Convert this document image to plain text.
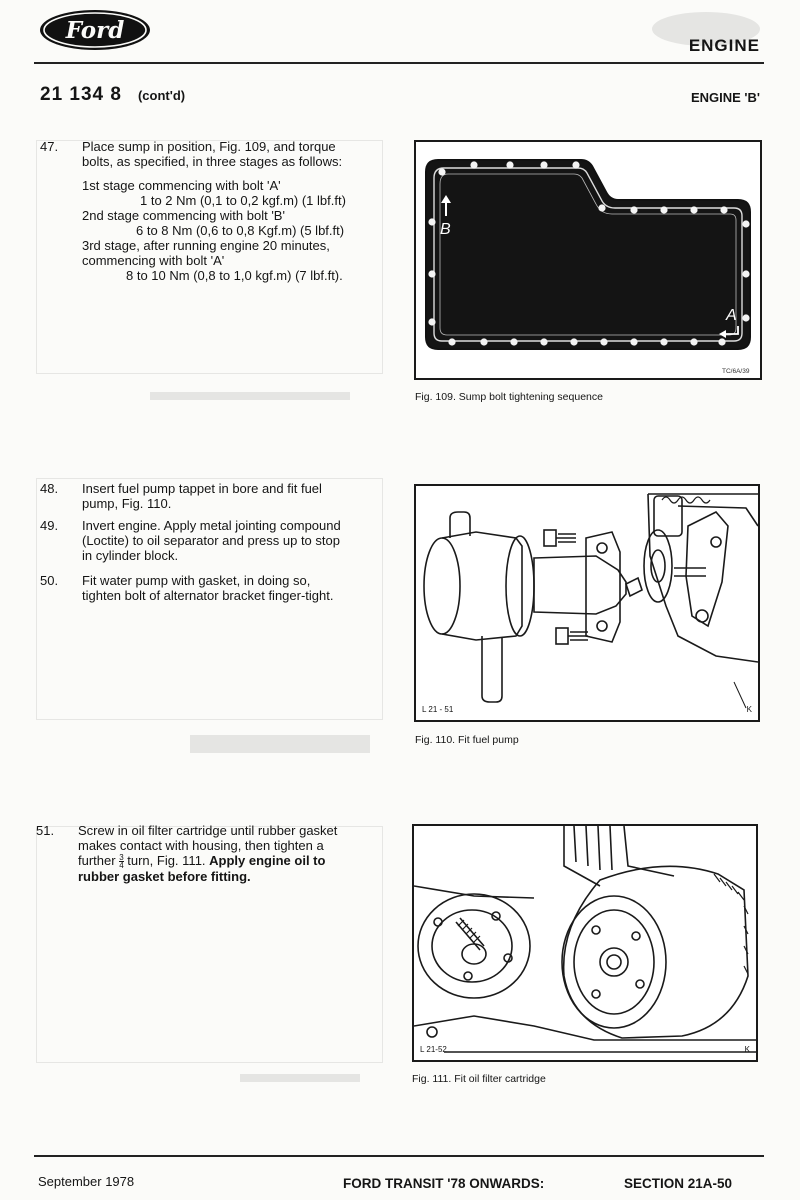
Ford
ENGINE
21 134 8 (cont'd)	ENGINE 'B'
47. Place sump in position, Fig. 109, and torque
bolts, as specified, in three stages as follows:
1st stage commencing with bolt 'A'
1 to 2 Nm (0,1 to 0,2 kgf.m) (1 lbf.ft)
2nd stage commencing with bolt 'B'
6 to 8 Nm (0,6 to 0,8 Kgf.m) (5 lbf.ft)
3rd stage, after running engine 20 minutes,
commencing with bolt 'A'
8 to 10 Nm (0,8 to 1,0 kgf.m) (7 lbf.ft).
B
A
TC/6A/39
Fig. 109. Sump bolt tightening sequence
48. Insert fuel pump tappet in bore and fit fuel
pump, Fig. 110.
49. Invert engine. Apply metal jointing compound
(Loctite) to oil separator and press up to stop
in cylinder block.
50. Fit water pump with gasket, in doing so,
tighten bolt of alternator bracket finger-tight.
L 21 - 51	K
Fig. 110. Fit fuel pump
51. Screw in oil filter cartridge until rubber gasket
makes contact with housing, then tighten a
further $\frac{3}{4}$ turn, Fig. 111. Apply engine oil to
rubber gasket before fitting.
L 21-52	K
Fig. 111. Fit oil filter cartridge
September 1978	FORD TRANSIT '78 ONWARDS:	SECTION 21A-50
